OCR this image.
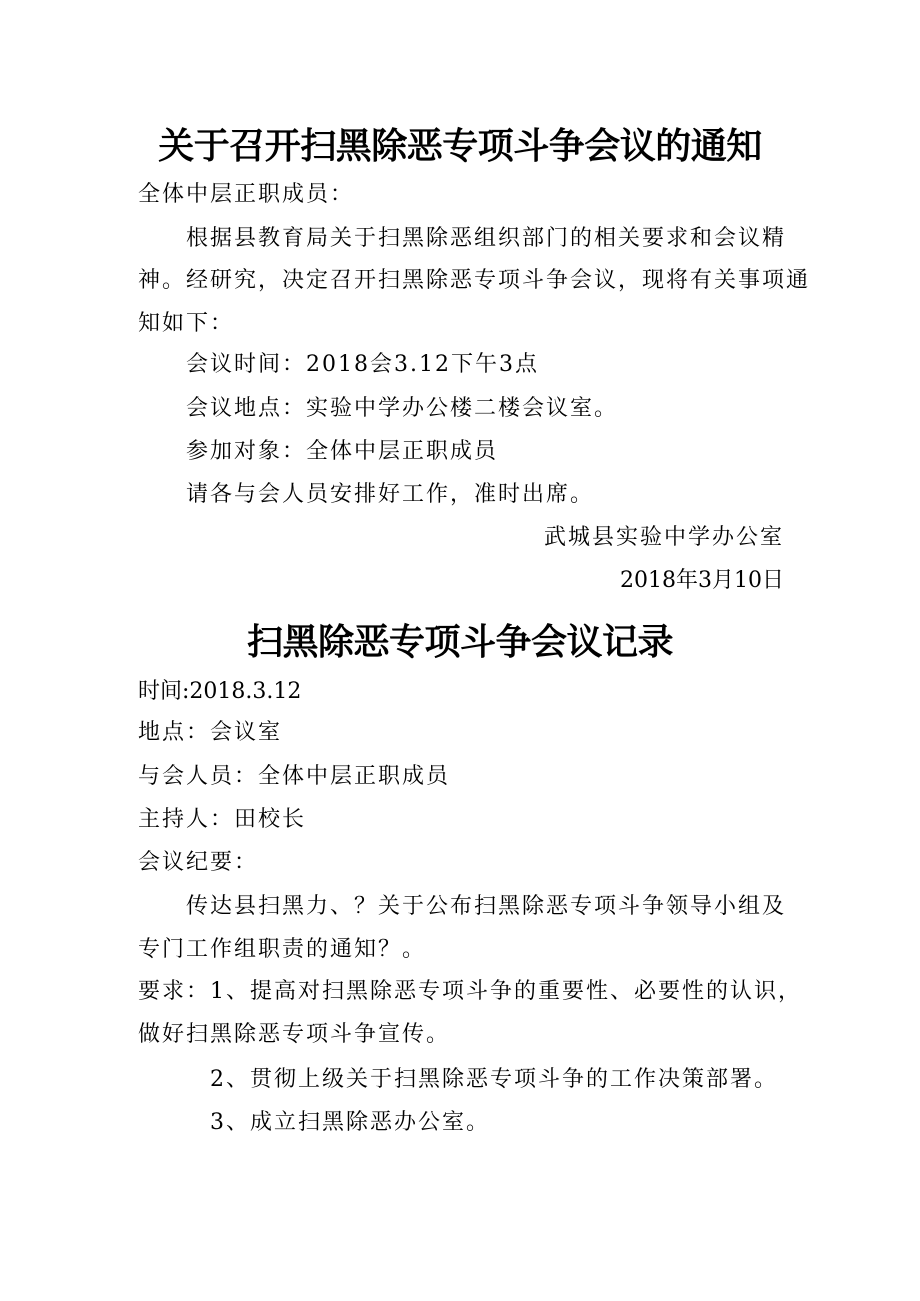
关于召开扫黑除恶专项斗争会议的通知

全体中层正职成员：

根据县教育局关于扫黑除恶组织部门的相关要求和会议精

神。经研究，决定召开扫黑除恶专项斗争会议，现将有关事项通

知如下：

会议时间：2018会3.12下午3点

会议地点：实验中学办公楼二楼会议室。

参加对象：全体中层正职成员

请各与会人员安排好工作，准时出席。

武城县实验中学办公室

2018年3月10日

扫黑除恶专项斗争会议记录

时间:2018.3.12

地点：会议室

与会人员：全体中层正职成员

主持人：田校长

会议纪要：

传达县扫黑力、？关于公布扫黑除恶专项斗争领导小组及

专门工作组职责的通知？。

要求：1、提高对扫黑除恶专项斗争的重要性、必要性的认识，

做好扫黑除恶专项斗争宣传。

2、贯彻上级关于扫黑除恶专项斗争的工作决策部署。

3、成立扫黑除恶办公室。
